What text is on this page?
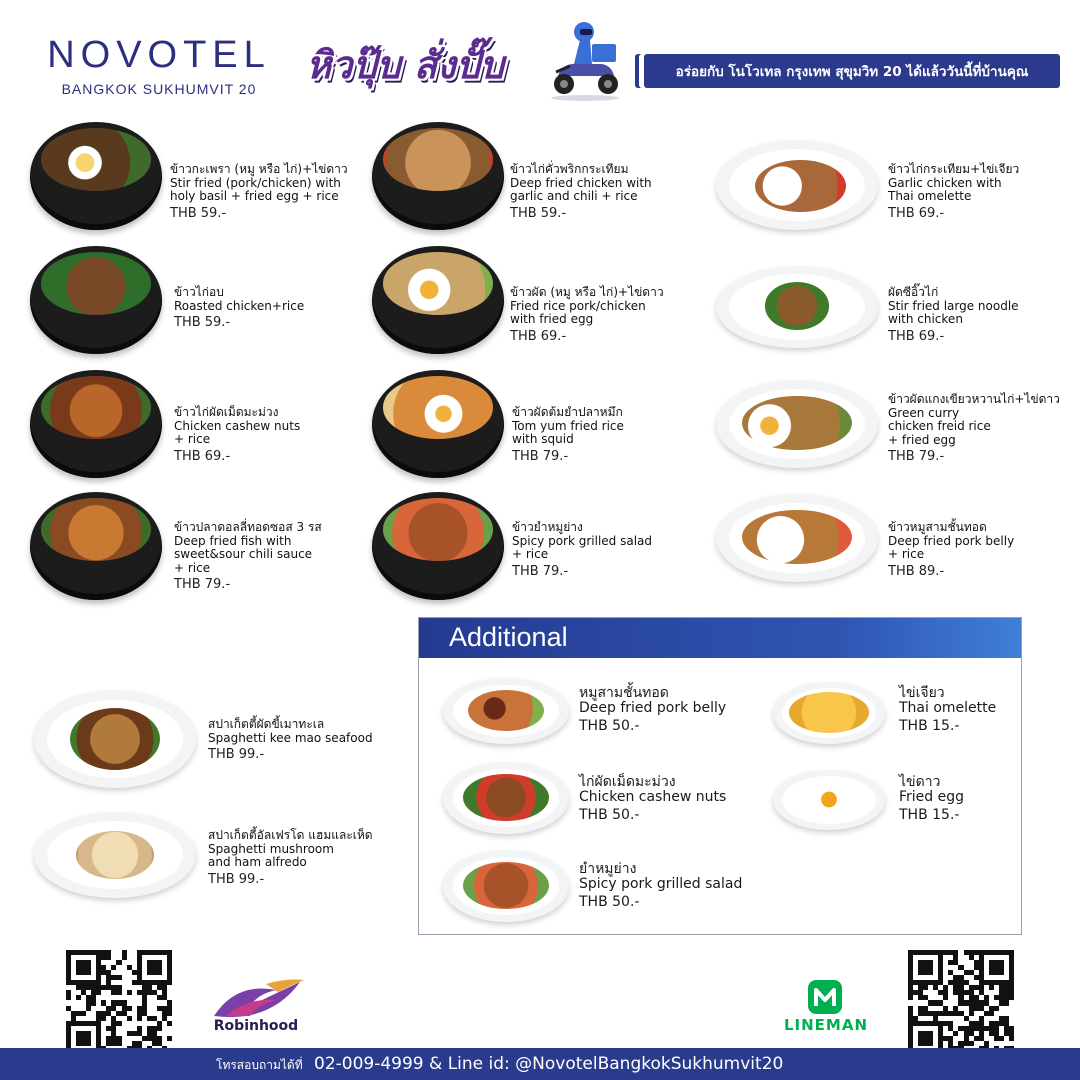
NOVOTEL
BANGKOK SUKHUMVIT 20
หิวปุ๊บ สั่งปั๊บ	อร่อยกับ โนโวเทล กรุงเทพ สุขุมวิท 20 ได้แล้ววันนี้ที่บ้านคุณ
ข้าวกะเพรา (หมู หรือ ไก่)+ไข่ดาว
Stir fried (pork/chicken) with
holy basil + fried egg + rice
THB 59.-
ข้าวไก่อบ
Roasted chicken+rice
THB 59.-
ข้าวไก่ผัดเม็ดมะม่วง
Chicken cashew nuts
+ rice
THB 69.-
ข้าวปลาดอลลี่ทอดซอส 3 รส
Deep fried fish with
sweet&sour chili sauce
+ rice
THB 79.-
ข้าวไก่คั่วพริกกระเทียม
Deep fried chicken with
garlic and chili + rice
THB 59.-
ข้าวผัด (หมู หรือ ไก่)+ไข่ดาว
Fried rice pork/chicken
with fried egg
THB 69.-
ข้าวผัดต้มยำปลาหมึก
Tom yum fried rice
with squid
THB 79.-
ข้าวยำหมูย่าง
Spicy pork grilled salad
+ rice
THB 79.-
ข้าวไก่กระเทียม+ไข่เจียว
Garlic chicken with
Thai omelette
THB 69.-
ผัดซีอิ๊วไก่
Stir fried large noodle
with chicken
THB 69.-
ข้าวผัดแกงเขียวหวานไก่+ไข่ดาว
Green curry
chicken freid rice
+ fried egg
THB 79.-
ข้าวหมูสามชั้นทอด
Deep fried pork belly
+ rice
THB 89.-
สปาเก็ตตี้ผัดขี้เมาทะเล
Spaghetti kee mao seafood
THB 99.-
สปาเก็ตตี้อัลเฟรโด แฮมและเห็ด
Spaghetti mushroom
and ham alfredo
THB 99.-
Additional
หมูสามชั้นทอด
Deep fried pork belly
THB 50.-
ไก่ผัดเม็ดมะม่วง
Chicken cashew nuts
THB 50.-
ยำหมูย่าง
Spicy pork grilled salad
THB 50.-
ไข่เจียว
Thai omelette
THB 15.-
ไข่ดาว
Fried egg
THB 15.-
Robinhood	LINEMAN
โทรสอบถามได้ที่ 02-009-4999 & Line id: @NovotelBangkokSukhumvit20
